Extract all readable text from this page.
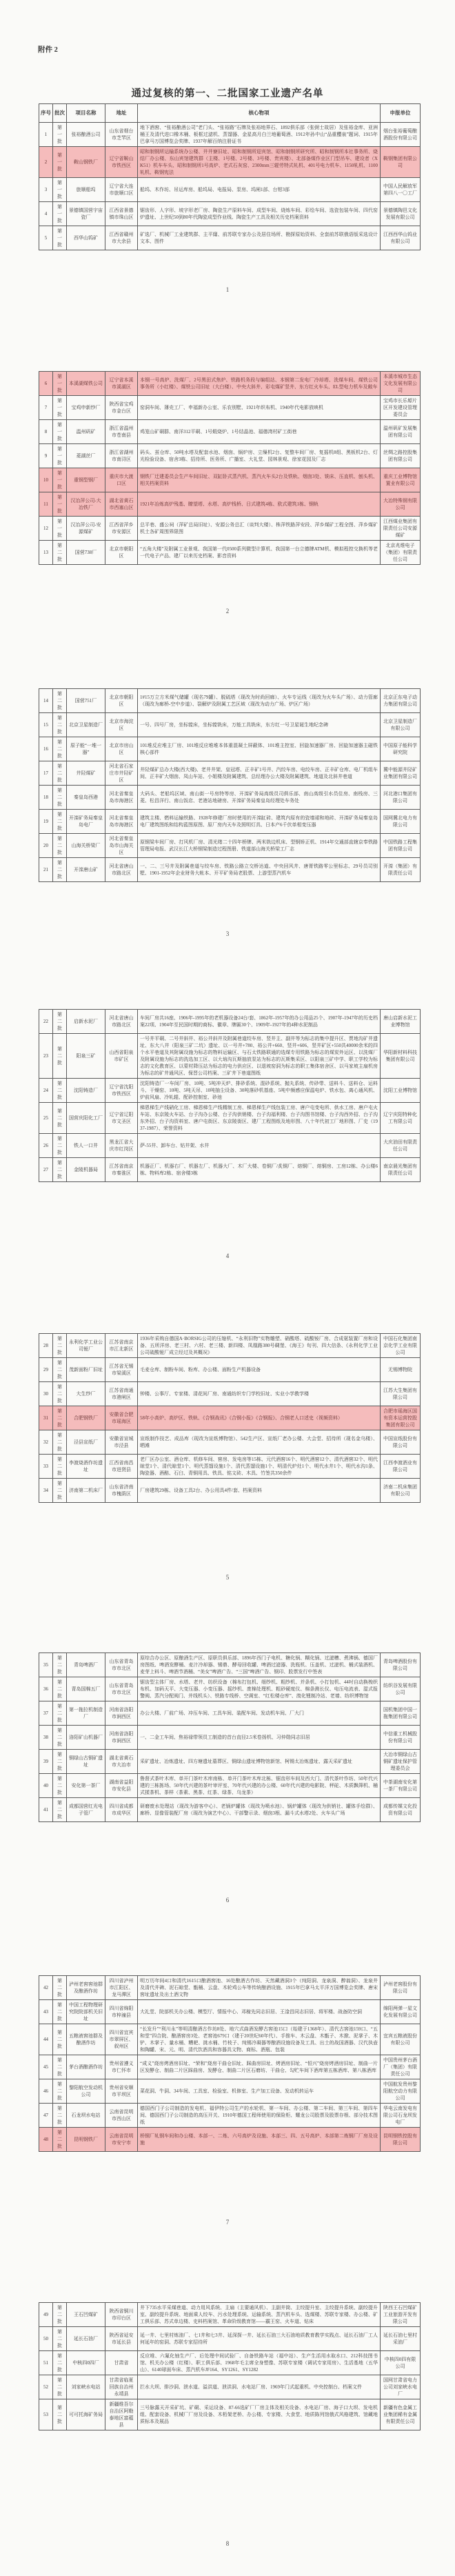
附件 2
通过复核的第一、二批国家工业遗产名单
序号	批次	项目名称	地址	核心物项	申报单位
1	第一批	张裕酿酒公司	山东省烟台市芝罘区	地下酒窖、“张裕酿酒公司”老门头、“张裕路”石牌及张裕地界石、1892俱乐部（张弼士故居）及张裕金库、亚洲桶王及清代进口橡木桶、板框过滤机、蒸馏器、金星高月白兰地葡萄酒、1912年孙中山“品重醴泉”题词、1915年巴拿马万国博览会奖牌、1937年解百纳注册证书	烟台张裕葡萄酿酒股份有限公司
2	第一批	鞍山钢铁厂	辽宁省鞍山市铁西区	昭和制钢所运输系统办公楼、井井寮旧址、昭和制钢所迎宾馆、昭和制钢所研究所、昭和制钢所本社事务所、烧结厂办公楼、东山宾馆建筑群（主楼、1号楼、2号楼、3号楼、贵宾楼）、北部备煤作业区门型吊车、建设者（XK51）机车车头、昭和制钢所1号高炉、老式石灰窑、2300mm三辊劳特式轧机、401号电力机车、1150轧机、1100轧机、鞍钢宪法	鞍钢集团有限公司
3	第一批	旅顺船坞	辽宁省大连市旅顺口区	船坞、木作坊、吊运库房、船坞局、电报局、泵房、坞闸1部、台钳3部	中国人民解放军第四八一〇工厂
4	第一批	景德镇国营宇宙瓷厂	江西省景德镇市珠山区	锯齿形、人字形、坡字形老厂房、陶瓷生产原料车间、成型车间、烧炼车间、彩绘车间、选瓷包装车间、四代窑炉遗址、上世纪50到80年代陶瓷成型作业线、陶瓷生产工具及相关历史档案资料	景德镇陶邑文化发展有限公司
5	第一批	西华山钨矿	江西省赣州市大余县	矿选厂、机械厂工业建筑群、主平窿、前苏联专家办公及居住场所、勘探原始资料、全套前苏联俄语版采选设计文本、图件	江西西华山钨业有限公司
1
6	第一批	本溪湖煤铁公司	辽宁省本溪市溪湖区	本钢一号高炉、洗煤厂、2号黑田式焦炉、铁路机务段与编组站、本钢第二发电厂冷却塔、洗煤车间、煤铁公司事务所（小红楼）、煤铁公司旧址（大白楼）、中央大斜井、彩屯煤矿竖井、东方红火车头、EL型电力机车及敞车	本溪市城市生态文化发展有限公司
7	第一批	宝鸡申新纱厂	陕西省宝鸡市金台区	窑洞车间、薄壳工厂、申福新办公室、乐农别墅、1921年织布机、1940年代电影放映机	宝鸡市长乐塬片区开发建设管理委员会
8	第一批	温州矾矿	浙江省温州市苍南县	鸡笼山矿硐群、南洋312平硐、1号煅烧炉、1号结晶池、福德湾村矿工街巷	温州矾矿发展集团有限公司
9	第一批	菱湖丝厂	浙江省湖州市南浔区	码头、茧仓库、50吨水塔及配套水池、烟囱、锅炉房、立缫机2台、复整车间厂房、复摇机8组、黑板机2台、灯光检验设备、宿舍3栋、招待所、医务所、广播室、大礼堂、园林景观、徐家花园及厂志	丝绸之路控股集团有限公司
10	第一批	重钢型钢厂	重庆市大渡口区	钢铁厂迁建委员会生产车间旧址、双缸卧式蒸汽机、蒸汽火车头2台及铁轨、烟囱3处、铣床、压直机、刨头机、相关档案资料	重庆工业博物馆置业有限公司
11	第一批	汉冶萍公司-大冶铁厂	湖北省黄石市西塞山区	1921年冶炼高炉残基、瞭望塔、水塔、高炉栈桥、日式建筑4栋、欧式建筑1栋、钢轨	大冶特殊钢有限公司
12	第一批	汉冶萍公司-安源煤矿	江西省萍乡市安源区	总平巷、盛公祠（萍矿总局旧址）、安源公务总汇（谈判大楼）、株萍铁路萍安段、萍乡煤矿工程全图、萍乡煤矿机土各矿周围界限图	江西煤业集团有限责任公司安源煤矿
13	第二批	国营738厂	北京市朝阳区	“五角大楼”及附属工业景观、我国第一代0500系列微型计算机、我国第一台立德牌ATM机、模拟程控交换机等老一代电子产品、建厂以来历史档案、影音资料	北京兆维电子（集团）有限责任公司
2
14	第二批	国营751厂	北京市朝阳区	1#15万立方米煤气储罐（现名79罐）、脱硫塔（现改为时尚回廊）、火车专运线（现改为火车头广场）、动力管廊（现改为廊桥-空中步道）、裂解炉及附属工艺区域（现改为动力广场、炉区广场）	北京正东电子动力集团有限公司
15	第二批	北京卫星制造厂	北京市海淀区	一号、四号厂房，坐标镗床，坐标镗铣床，万能工具铣床，东方红一号卫星诞生地纪念碑	北京卫星制造厂有限公司
16	第二批	原子能“一堆一器”	北京市房山区	101堆反应堆主厂房、101堆反应堆堆本体重混凝土屏蔽体、101堆主控室、回旋加速器厂房、回旋加速器主磁铁核心部件	中国原子能科学研究院
17	第二批	井陉煤矿	河北省石家庄市井陉矿区	井陉煤矿总办大楼(西大楼)、老井井架、皇冠塔、正丰矿1号井、汽绞车房、电绞车房、正丰矿仓库、电厂机组车间、正丰矿大烟囱、凤山车站、小姐楼及附属建筑、总经理办公大楼及附属建筑、地道及北斜井巷道	冀中能源井陉矿业集团有限公司
18	第二批	秦皇岛西港	河北省秦皇岛市海港区	大码头、老船坞区域、南山街一号房特等房、开滦矿务局高级员司俱乐部、南山高级引水员住房、南栈房、三菱、松昌洋行、南山饭店、老港站地磅房、开滦矿务局秦皇岛经理处车务处	河北港口集团有限公司
19	第二批	开滦矿务局秦皇岛电厂	河北省秦皇岛市海港区	建筑主楼、燃料运输铁路、1928年修建厂房时使用的开滦缸砖、建筑内原有的瓷墙裙和地砖、开滦矿务局秦皇岛电厂建筑图纸和结构蓝图原图、原厂房内天车及照明灯具、日本产6千伏单相变压器	国网冀北电力有限公司
20	第二批	山海关桥梁厂	河北省秦皇岛市山海关区	原钢梁车间厂房、打风机厂房、清光绪二十四年桥牌、两米铣边机床、型钢矫正机、1914年交通部直辖京奉铁路管理局电报、武汉长江大桥钢梁制造过程图册、铁道部山海关桥梁工厂志	中国铁路工程集团有限公司
21	第二批	开滦唐山矿	河北省唐山市路北区	一、二、三号井及附属巷道与绞车房、铁路公路立交桥达道、中央回风井、唐胥铁路零公里标志、29号员司别墅、1901-1952年企业财务大帐本、开平矿务局老股票、上游型蒸汽机车	开滦（集团）有限责任公司
3
22	第二批	启新水泥厂	河北省唐山市路北区	车间厂房共16座、1906年-1995年的老机器设备24台/套、1862年-1957年的办公用品25个、1907年-1947年的历史档案22项、1904年至民国时期的商标、徽章、牌匾30个、1909年-1927年的4种水泥制品	唐山启新水泥工业博物馆
23	第二批	阳泉三矿	山西省阳泉市矿区	一号井平硐、二号井斜井、裕公井斜井及附属巷道绞车房、竖井主、副井等为标志的集中提升区、贾地沟矿井遗址、东大八井（阳泉三矿二坑）遗址、以一号井+780、裕公井+660、竖井+606、竖井矿区+550共40000余米的四个水平巷道及其附属设施为标志的物料运输区、与石太铁路联通的选煤专用铁路为标志的煤炭外运区、以洗煤厂及附属设施为标志的洗选加工区、以大垴沟瓦斯抽放泵站为标志的瓦斯集采区、以阳泉三矿中学、职工学校为标志的文化教育区、以蒙村降压站为标志的电力供应区、以退坡窑洞为标志的职工集体宿舍区、以马家坡主扇机房为标志的矿井通风区、保晋公司档案、三矿井下巷道图纸	华阳新材料科技集团有限公司
24	第二批	沈阳铸造厂	辽宁省沈阳市铁西区	沈阳铸造厂一车间厂房、10吨、5吨冲天炉、排砂系统、混砂系统、抛丸系统、传砂带、送料斗、送料仓、运料斗、干燥窑、10吨、5吨天吊、10吨抽尘设备、30吨落砂机基座、5吨中频感应保温电炉、铁水包、离心通风机、炉前风扇、冷轧辊、配砂控制室、砂池	沈阳工业博物馆
25	第二批	国营庆阳化工厂	辽宁省辽阳市文圣区	梯恩梯生产线硝化工房、梯恩梯生产线精制工房、梯恩梯生产线包装工房、唐户屯变电所、供水工房、唐户屯火车站、东京陵火车站、台子沟办公楼、台子沟供销楼、台子沟福利楼、台子沟图书馆楼、台子沟西外招、台子沟东外招、台子沟资料室、唐户屯街区、东京陵街区、建厂工程图纸及地形图、八十年代初工厂地形图、厂史（1937-1987）、荣誉资料	辽宁庆阳特种化工有限公司
26	第二批	铁人一口井	黑龙江省大庆市红岗区	萨-55井、卸车台、钻井架、水井	大庆油田有限责任公司
27	第二批	金陵机器局	江苏省南京市秦淮区	机器正厂、机器右厂、机器左厂、机器大厂、木厂大楼、卷铜厂/炙铜厂、熔铜厂、熔铜房、工房12栋、办公楼6栋、物料库2栋、宿舍楼3栋	南京晨光集团有限责任公司
4
28	第二批	永利化学工业公司铔厂	江苏省南京市江北新区	1936年采购自德国A·BORSIG公司的压缩机、“永利旧物”实物雕塑、硝酸塔、硫酸铵厂房、合成氨装置厂房和设备、五所洋房、老三村、六村、老三楼、新四楼、凤凰路380号碉堡、《海王》旬刊、四大信条、《永利化学工业公司硫酸铔厂成立经过及其概况》	中国石化集团南京化学工业有限公司
29	第二批	茂新面粉厂旧址	江苏省无锡市梁溪区	毛麦仓库、制粉车间、粉库、办公楼、面粉生产机器设备	无锡博物院
30	第二批	大生纱厂	江苏省南通市港闸区	钟楼、公事厅、专家楼、清花间厂房、南通纺织专门学校旧址、实业小学教学楼	江苏大生集团有限公司
31	第二批	合肥钢铁厂	安徽省合肥市瑶海区	58年小高炉、高炉区、铁轨、《合钢战讯》《合钢小报》《合钢报》、合钢老人口述史（视频资料）	合肥市瑶海区国有资本运营控股集团有限公司
32	第二批	泾县宣纸厂	安徽省宣城市泾县	宣纸制作技艺、成品库（现改为宣纸博物馆）、542生产区、宣纸厂老办公楼、大会堂、招待所（现名金乌楼）、晒滩	中国宣纸股份有限公司
33	第二批	李渡烧酒作坊遗址	江西省南昌市进贤县	老厂区办公室、酒仓库、机修车间、窖房、发电房等15栋、元代酒窖16个、明代酒窖12个、清代酒窖32个、明代晾堂1个、清代晾堂1个、明代蒸馏设施1个、清代蒸馏设施1个、明清代炉灶1个、明代水井1个、明代水沟1条、陶瓷器、酒醅、石臼、青铜用具、铁具、铭文砖、木具、竹签共350余件	江西李渡酒业有限公司
34	第二批	济南第二机床厂	山东省济南市槐荫区	厂房建筑29栋、设备工具2台、办公用具4件/套、档案资料	济南二机床集团有限公司
5
35	第二批	青岛啤酒厂	山东省青岛市市北区	原综合办公区、原酿酒生产区、原职员俱乐部、1896年西门子电机、糖化锅、糊化锅、过滤槽、煮沸锅、德国厂房图纸、啤酒发酵桶、麦汁冷却器、锡鼎、酵母回收罐、啤酒过滤器、洗瓶机、压盖机、过滤机、桶式装酒机、麦芽上料斗、啤酒节酒桶、“美女”啤酒广告、“三国”啤酒广告、钢印、股票发行中签表	青岛啤酒股份有限公司
36	第二批	青岛国棉五厂	山东省青岛市市北区	锯齿型主体厂房、水塔、老井、纺织设备（棉布打包机、细纱机、粗纱机、并条机、小打包机、44吋自动换梭织布机、加码天平、大变压器、小变压器、摇纱机、废棉处理机、粗砂硬度仪、棉条测长仪、电压电流表、湿式报警阀、蒸汽分配阀门、并线机头）、铁路专线桥、空调室、“红松楼仓库”、溴化锂制冷站、老墙、纺织博物馆	纺织谷发展有限公司
37	第二批	第一拖拉机制造厂	河南省洛阳市涧西区	办公大楼、厂前广场、冲压车间、工具车间、装配车间、发动机车间、厂大门	国机集团中国一拖集团有限公司
38	第二批	洛阳矿山机器厂	河南省洛阳市涧西区	一、二金工车间、焦裕禄带领员工制造的首台直径2.5米卷扬机、习仲勋同志旧居	中信重工机械股份有限公司
39	第二批	铜绿山古铜矿遗址	湖北省黄石市大冶市	采矿遗址、冶炼遗址、四方塘遗址墓葬区、铜绿山遗址博物馆新馆、柯锡太冶炼遗址、露天采矿遗址	大冶市铜绿山古铜矿遗址保护管理委员会
40	第二批	安化第一茶厂	湖南省益阳市安化县	鲁督式茶叶木库、单开门茶叶木库南栋、单开门茶叶木库北栋、锯齿形车间及西大门、清代茶叶作坊、50年代兴建的三栋拣场、50年代兴建的茶叶审评室、70年代兴建的办公楼、60年代兴建的电影院、秤砣、木质飘筛机、桶式揉茶机、茶样（茶素、黑茶、红茶、绿茶、乌龙茶）	中茶湖南安化第一茶厂有限公司
41	第二批	成都国营红光电子管厂	四川省成都市成华区	研磨废水处理站（现改为游客中心）、老锅炉罐体（现改为喷水池）、锅炉罐体（现改为供销社、罐体手绘群）、廊桥、显像管装配厂房（现改为演艺中心）、干部警示录、烟囱3根、漏斗式水塔2处、火车头广场	成都传媒文化投资有限公司
6
42	第二批	泸州老窖窖池群及酿酒作坊	四川省泸州市江阳区、龙马潭区	明万历年间4口和清代1615口酿酒窖池、16处酿酒古作坊、天然藏酒洞3个（纯阳洞、龙泉洞、醉翁洞）、龙泉井及清代井碑、泥石晾堂、甑桶、云盘、木轮鸡公车等传统酿酒设施、1915年巴拿马太平洋万国博览会奖牌、唐宋窖址遗址及出土酒文物	泸州老窖股份有限公司
43	第二批	中国工程物理研究院院部机关旧址	四川省绵阳市梓潼县	大礼堂、院部机关办公楼、模型厅、情报中心、邓稼先同志旧居、王淦昌同志旧居、将军楼、战备防空洞	绵阳两弹一星文化发展有限公司
44	第二批	五粮液窖池群及酿酒作坊	四川省宜宾市翠屏区、叙州区	“长发升”“利川永”等明清酿酒古作坊8处、地穴式曲酒发酵古窖池15口（始建于1368年）、清代古窖池159口、“五和堂”四合院、酿酒窖房3处、老窖池679口（建于20世纪60年代）、手推车、木云盘、木甑子、木掀、泥掌子、木铲、木掌子、量水桶、糟耙、挑水桶、竹枝子、纯锡冷凝器等酿酒设施设备及工具、出土的战国酒器、汉代执壶和陶罐、宋、元、明、清代饮酒具和容器具文物、商标、酒瓶、包装	宜宾五粮液股份有限公司
45	第二批	茅台酒酿酒作坊	贵州省遵义市仁怀市	“成义”烧房烤酒房旧址、“荣和”烧房干曲仓旧址、踩曲房旧址、烤酒房旧址、“恒兴”烧房烤酒房旧址、制曲一片区发酵仓、制曲二片区踩曲房、发酵仓、制曲二片区石磨坊、干曲仓、勾贮车间下酒库第五栋酒库、第八栋酒库	中国贵州茅台酒厂（集团）有限责任公司
46	第二批	黎阳航空发动机公司	贵州省安顺市平坝区	菜花洞、牛洞、34车间、工具室、检验室、机修室、生产加工设备、发动机转运车	中国航发贵州黎阳航空动力有限公司
47	第二批	石龙坝水电站	云南省昆明市西山区	德国西门子公司制造的发电机、福伊特公司生产的水轮机、第一车间、办公楼、第二车间、第三车间、第四车间、德国西门子公司制造的高压开关、1910年德国工程师使用的保险柜、耀龙公司股票及股票存根、部分技术图纸	华电云南发电有限公司石龙坝发电厂
48	第二批	昆明钢铁厂	云南省昆明市安宁市	桥钢厂轧钢车间和办公楼、本部一、二炼、六号高炉及设施、本部三、四、五号高炉、本部第二炼钢厂厂房及设施	昆明钢铁控股有限公司
7
49	第二批	王石凹煤矿	陕西省铜川市印台区	井下735水平采煤巷道、动力用风系统、主扇（主要通风机）、主副井筒、主绞提升室、主绞提升系统、副绞提升室、副绞提升系统、地面乘人绞车、污水处理系统、运输系统、蒸汽机车头、选煤楼、苏联专家楼、办公楼、矿工俱乐部、苏式单边楼、史料档案馆、革命阶级教育馆——霸王窑、火车道、钻床	陕西王石凹煤矿工业旅游开发有限公司
50	第二批	延长石油厂	陕西省延安市延长县	延一井、七里村炼油厂、七1井和七3井、延深探一井、延长石油三大石油地质教育教学实践点、延长石油厂工人何延年的窑洞、苏联专家招待所	延长石油七里村采油厂
51	第二批	中核四0四厂	甘肃省	反应堆、六氟化铀生产厂、后处理中间试验厂、自备铁路车站（福中站）、生产生活用水取水口、212科技图书馆、机关办公楼（红楼）、职工俱乐部、1968年毛主席全身塑像、苏联专家楼（调试专家用房）、生活基地（五华山）、6140球面车床、蒸汽机车JF164、SY1261、SY1282	中核四0四有限公司
52	第二批	刘家峡水电站	甘肃省临夏回族自治州永靖县	拦水大坝、排沙洞、泄水道、溢洪道、泄洪洞、水电站厂房、1969年门式起重机、中央控制台、档案文件	国网甘肃省电力公司刘家峡水电厂
53	第二批	可可托海矿务局	新疆维吾尔自治区阿勒泰地区富蕴县	三号脉露天开采矿坑、矿硐、采运设备、87-66选矿厂厂房主体及相关设备、水电站厂房、海子口大坝、发电机组、配套设备、机械厂厂房及设备、木桁架老桥、办公楼、专家楼、大食堂、地质陈列馆俄式风格建筑、馆藏地质标本及展品	新疆有色金属工业集团稀有金属有限责任公司
8
